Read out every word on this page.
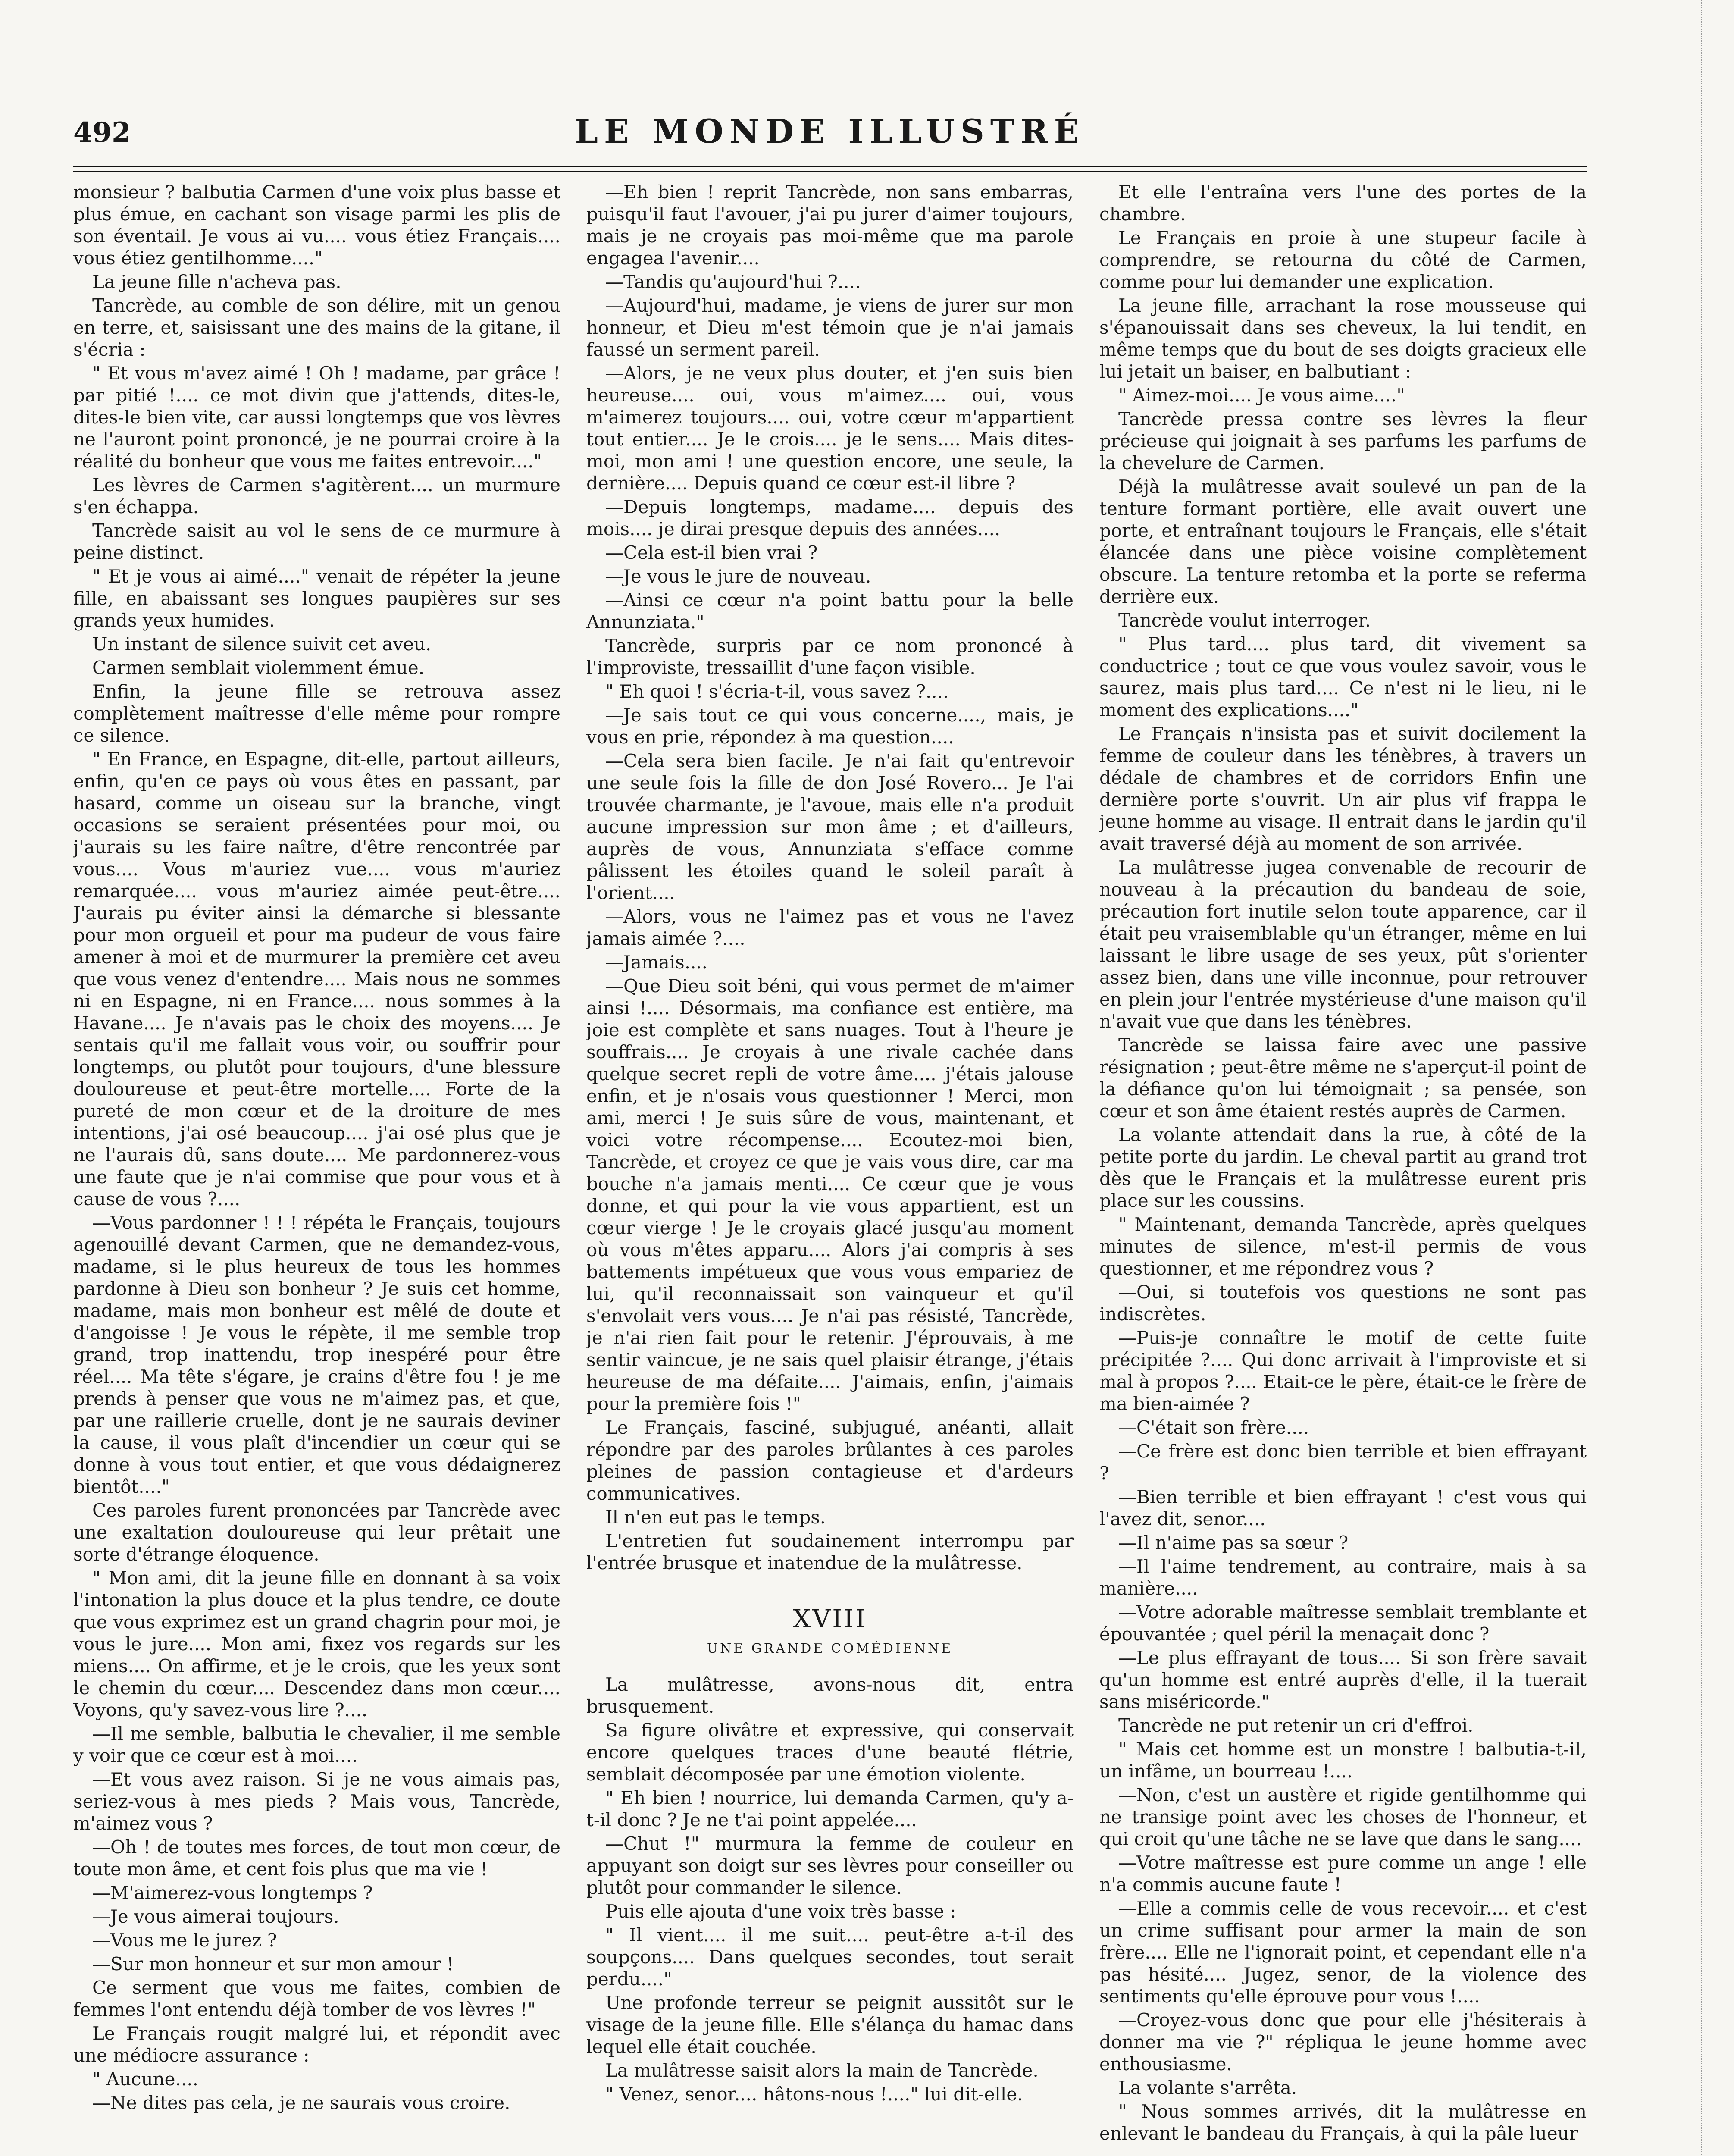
492	LE MONDE ILLUSTRÉ

monsieur ? balbutia Carmen d'une voix plus basse et plus émue, en cachant son visage parmi les plis de son éventail. Je vous ai vu.... vous étiez Français.... vous étiez gentilhomme...."

La jeune fille n'acheva pas.

Tancrède, au comble de son délire, mit un genou en terre, et, saisissant une des mains de la gitane, il s'écria :

" Et vous m'avez aimé ! Oh ! madame, par grâce ! par pitié !.... ce mot divin que j'attends, dites-le, dites-le bien vite, car aussi longtemps que vos lèvres ne l'auront point prononcé, je ne pourrai croire à la réalité du bonheur que vous me faites entrevoir...."

Les lèvres de Carmen s'agitèrent.... un murmure s'en échappa.

Tancrède saisit au vol le sens de ce murmure à peine distinct.

" Et je vous ai aimé...." venait de répéter la jeune fille, en abaissant ses longues paupières sur ses grands yeux humides.

Un instant de silence suivit cet aveu.

Carmen semblait violemment émue.

Enfin, la jeune fille se retrouva assez complètement maîtresse d'elle même pour rompre ce silence.

" En France, en Espagne, dit-elle, partout ailleurs, enfin, qu'en ce pays où vous êtes en passant, par hasard, comme un oiseau sur la branche, vingt occasions se seraient présentées pour moi, ou j'aurais su les faire naître, d'être rencontrée par vous.... Vous m'auriez vue.... vous m'auriez remarquée.... vous m'auriez aimée peut-être.... J'aurais pu éviter ainsi la démarche si blessante pour mon orgueil et pour ma pudeur de vous faire amener à moi et de murmurer la première cet aveu que vous venez d'entendre.... Mais nous ne sommes ni en Espagne, ni en France.... nous sommes à la Havane.... Je n'avais pas le choix des moyens.... Je sentais qu'il me fallait vous voir, ou souffrir pour longtemps, ou plutôt pour toujours, d'une blessure douloureuse et peut-être mortelle.... Forte de la pureté de mon cœur et de la droiture de mes intentions, j'ai osé beaucoup.... j'ai osé plus que je ne l'aurais dû, sans doute.... Me pardonnerez-vous une faute que je n'ai commise que pour vous et à cause de vous ?....

—Vous pardonner ! ! ! répéta le Français, toujours agenouillé devant Carmen, que ne demandez-vous, madame, si le plus heureux de tous les hommes pardonne à Dieu son bonheur ? Je suis cet homme, madame, mais mon bonheur est mêlé de doute et d'angoisse ! Je vous le répète, il me semble trop grand, trop inattendu, trop inespéré pour être réel.... Ma tête s'égare, je crains d'être fou ! je me prends à penser que vous ne m'aimez pas, et que, par une raillerie cruelle, dont je ne saurais deviner la cause, il vous plaît d'incendier un cœur qui se donne à vous tout entier, et que vous dédaignerez bientôt...."

Ces paroles furent prononcées par Tancrède avec une exaltation douloureuse qui leur prêtait une sorte d'étrange éloquence.

" Mon ami, dit la jeune fille en donnant à sa voix l'intonation la plus douce et la plus tendre, ce doute que vous exprimez est un grand chagrin pour moi, je vous le jure.... Mon ami, fixez vos regards sur les miens.... On affirme, et je le crois, que les yeux sont le chemin du cœur.... Descendez dans mon cœur.... Voyons, qu'y savez-vous lire ?....

—Il me semble, balbutia le chevalier, il me semble y voir que ce cœur est à moi....

—Et vous avez raison. Si je ne vous aimais pas, seriez-vous à mes pieds ? Mais vous, Tancrède, m'aimez vous ?

—Oh ! de toutes mes forces, de tout mon cœur, de toute mon âme, et cent fois plus que ma vie !

—M'aimerez-vous longtemps ?

—Je vous aimerai toujours.

—Vous me le jurez ?

—Sur mon honneur et sur mon amour !

Ce serment que vous me faites, combien de femmes l'ont entendu déjà tomber de vos lèvres !"

Le Français rougit malgré lui, et répondit avec une médiocre assurance :

" Aucune....

—Ne dites pas cela, je ne saurais vous croire.

—Eh bien ! reprit Tancrède, non sans embarras, puisqu'il faut l'avouer, j'ai pu jurer d'aimer toujours, mais je ne croyais pas moi-même que ma parole engagea l'avenir....

—Tandis qu'aujourd'hui ?....

—Aujourd'hui, madame, je viens de jurer sur mon honneur, et Dieu m'est témoin que je n'ai jamais faussé un serment pareil.

—Alors, je ne veux plus douter, et j'en suis bien heureuse.... oui, vous m'aimez.... oui, vous m'aimerez toujours.... oui, votre cœur m'appartient tout entier.... Je le crois.... je le sens.... Mais dites-moi, mon ami ! une question encore, une seule, la dernière.... Depuis quand ce cœur est-il libre ?

—Depuis longtemps, madame.... depuis des mois.... je dirai presque depuis des années....

—Cela est-il bien vrai ?

—Je vous le jure de nouveau.

—Ainsi ce cœur n'a point battu pour la belle Annunziata."

Tancrède, surpris par ce nom prononcé à l'improviste, tressaillit d'une façon visible.

" Eh quoi ! s'écria-t-il, vous savez ?....

—Je sais tout ce qui vous concerne...., mais, je vous en prie, répondez à ma question....

—Cela sera bien facile. Je n'ai fait qu'entrevoir une seule fois la fille de don José Rovero... Je l'ai trouvée charmante, je l'avoue, mais elle n'a produit aucune impression sur mon âme ; et d'ailleurs, auprès de vous, Annunziata s'efface comme pâlissent les étoiles quand le soleil paraît à l'orient....

—Alors, vous ne l'aimez pas et vous ne l'avez jamais aimée ?....

—Jamais....

—Que Dieu soit béni, qui vous permet de m'aimer ainsi !.... Désormais, ma confiance est entière, ma joie est complète et sans nuages. Tout à l'heure je souffrais.... Je croyais à une rivale cachée dans quelque secret repli de votre âme.... j'étais jalouse enfin, et je n'osais vous questionner ! Merci, mon ami, merci ! Je suis sûre de vous, maintenant, et voici votre récompense.... Ecoutez-moi bien, Tancrède, et croyez ce que je vais vous dire, car ma bouche n'a jamais menti.... Ce cœur que je vous donne, et qui pour la vie vous appartient, est un cœur vierge ! Je le croyais glacé jusqu'au moment où vous m'êtes apparu.... Alors j'ai compris à ses battements impétueux que vous vous empariez de lui, qu'il reconnaissait son vainqueur et qu'il s'envolait vers vous.... Je n'ai pas résisté, Tancrède, je n'ai rien fait pour le retenir. J'éprouvais, à me sentir vaincue, je ne sais quel plaisir étrange, j'étais heureuse de ma défaite.... J'aimais, enfin, j'aimais pour la première fois !"

Le Français, fasciné, subjugué, anéanti, allait répondre par des paroles brûlantes à ces paroles pleines de passion contagieuse et d'ardeurs communicatives.

Il n'en eut pas le temps.

L'entretien fut soudainement interrompu par l'entrée brusque et inatendue de la mulâtresse.

XVIII
UNE GRANDE COMÉDIENNE

La mulâtresse, avons-nous dit, entra brusquement.

Sa figure olivâtre et expressive, qui conservait encore quelques traces d'une beauté flétrie, semblait décomposée par une émotion violente.

" Eh bien ! nourrice, lui demanda Carmen, qu'y a-t-il donc ? Je ne t'ai point appelée....

—Chut !" murmura la femme de couleur en appuyant son doigt sur ses lèvres pour conseiller ou plutôt pour commander le silence.

Puis elle ajouta d'une voix très basse :

" Il vient.... il me suit.... peut-être a-t-il des soupçons.... Dans quelques secondes, tout serait perdu...."

Une profonde terreur se peignit aussitôt sur le visage de la jeune fille. Elle s'élança du hamac dans lequel elle était couchée.

La mulâtresse saisit alors la main de Tancrède.

" Venez, senor.... hâtons-nous !...." lui dit-elle.

Et elle l'entraîna vers l'une des portes de la chambre.

Le Français en proie à une stupeur facile à comprendre, se retourna du côté de Carmen, comme pour lui demander une explication.

La jeune fille, arrachant la rose mousseuse qui s'épanouissait dans ses cheveux, la lui tendit, en même temps que du bout de ses doigts gracieux elle lui jetait un baiser, en balbutiant :

" Aimez-moi.... Je vous aime...."

Tancrède pressa contre ses lèvres la fleur précieuse qui joignait à ses parfums les parfums de la chevelure de Carmen.

Déjà la mulâtresse avait soulevé un pan de la tenture formant portière, elle avait ouvert une porte, et entraînant toujours le Français, elle s'était élancée dans une pièce voisine complètement obscure. La tenture retomba et la porte se referma derrière eux.

Tancrède voulut interroger.

" Plus tard.... plus tard, dit vivement sa conductrice ; tout ce que vous voulez savoir, vous le saurez, mais plus tard.... Ce n'est ni le lieu, ni le moment des explications...."

Le Français n'insista pas et suivit docilement la femme de couleur dans les ténèbres, à travers un dédale de chambres et de corridors Enfin une dernière porte s'ouvrit. Un air plus vif frappa le jeune homme au visage. Il entrait dans le jardin qu'il avait traversé déjà au moment de son arrivée.

La mulâtresse jugea convenable de recourir de nouveau à la précaution du bandeau de soie, précaution fort inutile selon toute apparence, car il était peu vraisemblable qu'un étranger, même en lui laissant le libre usage de ses yeux, pût s'orienter assez bien, dans une ville inconnue, pour retrouver en plein jour l'entrée mystérieuse d'une maison qu'il n'avait vue que dans les ténèbres.

Tancrède se laissa faire avec une passive résignation ; peut-être même ne s'aperçut-il point de la défiance qu'on lui témoignait ; sa pensée, son cœur et son âme étaient restés auprès de Carmen.

La volante attendait dans la rue, à côté de la petite porte du jardin. Le cheval partit au grand trot dès que le Français et la mulâtresse eurent pris place sur les coussins.

" Maintenant, demanda Tancrède, après quelques minutes de silence, m'est-il permis de vous questionner, et me répondrez vous ?

—Oui, si toutefois vos questions ne sont pas indiscrètes.

—Puis-je connaître le motif de cette fuite précipitée ?.... Qui donc arrivait à l'improviste et si mal à propos ?.... Etait-ce le père, était-ce le frère de ma bien-aimée ?

—C'était son frère....

—Ce frère est donc bien terrible et bien effrayant ?

—Bien terrible et bien effrayant ! c'est vous qui l'avez dit, senor....

—Il n'aime pas sa sœur ?

—Il l'aime tendrement, au contraire, mais à sa manière....

—Votre adorable maîtresse semblait tremblante et épouvantée ; quel péril la menaçait donc ?

—Le plus effrayant de tous.... Si son frère savait qu'un homme est entré auprès d'elle, il la tuerait sans miséricorde."

Tancrède ne put retenir un cri d'effroi.

" Mais cet homme est un monstre ! balbutia-t-il, un infâme, un bourreau !....

—Non, c'est un austère et rigide gentilhomme qui ne transige point avec les choses de l'honneur, et qui croit qu'une tâche ne se lave que dans le sang....

—Votre maîtresse est pure comme un ange ! elle n'a commis aucune faute !

—Elle a commis celle de vous recevoir.... et c'est un crime suffisant pour armer la main de son frère.... Elle ne l'ignorait point, et cependant elle n'a pas hésité.... Jugez, senor, de la violence des sentiments qu'elle éprouve pour vous !....

—Croyez-vous donc que pour elle j'hésiterais à donner ma vie ?" répliqua le jeune homme avec enthousiasme.

La volante s'arrêta.

" Nous sommes arrivés, dit la mulâtresse en enlevant le bandeau du Français, à qui la pâle lueur
